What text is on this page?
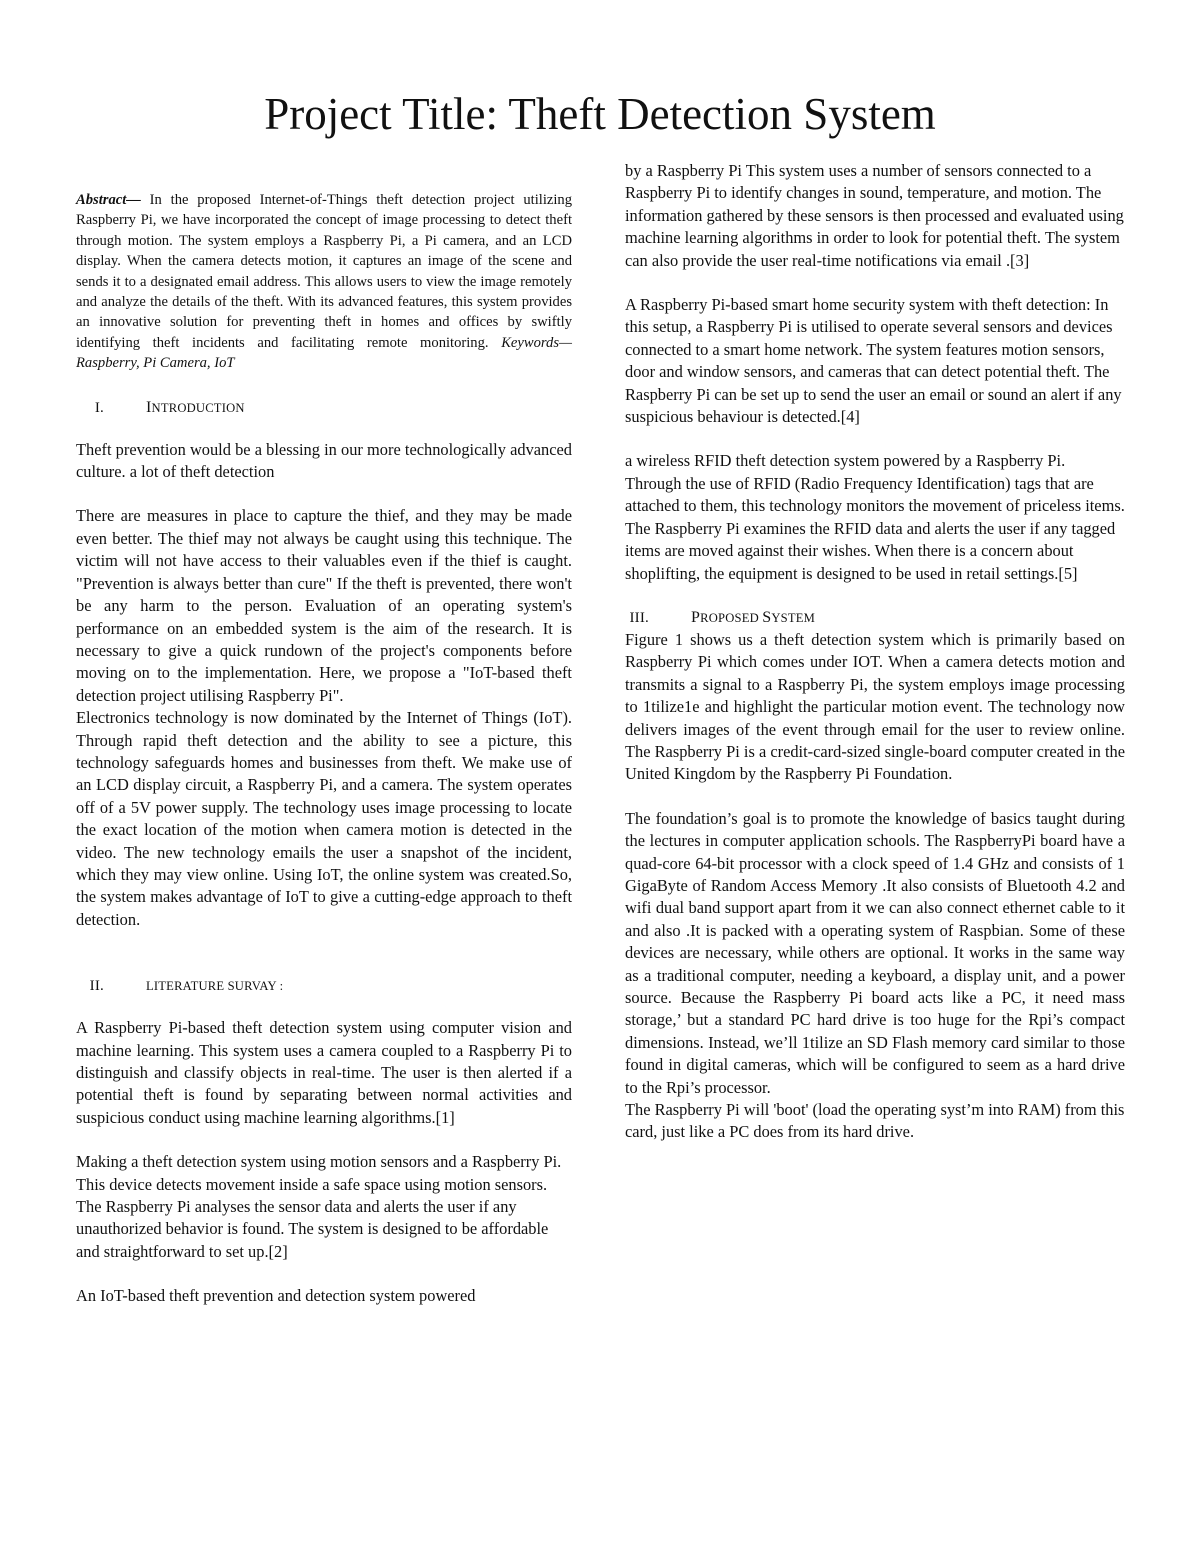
Project Title: Theft Detection System

Abstract— In the proposed Internet-of-Things theft detection project utilizing Raspberry Pi, we have incorporated the concept of image processing to detect theft through motion. The system employs a Raspberry Pi, a Pi camera, and an LCD display. When the camera detects motion, it captures an image of the scene and sends it to a designated email address. This allows users to view the image remotely and analyze the details of the theft. With its advanced features, this system provides an innovative solution for preventing theft in homes and offices by swiftly identifying theft incidents and facilitating remote monitoring. Keywords— Raspberry, Pi Camera, IoT

I.	INTRODUCTION

Theft prevention would be a blessing in our more technologically advanced culture. a lot of theft detection

There are measures in place to capture the thief, and they may be made even better. The thief may not always be caught using this technique. The victim will not have access to their valuables even if the thief is caught. "Prevention is always better than cure" If the theft is prevented, there won't be any harm to the person. Evaluation of an operating system's performance on an embedded system is the aim of the research. It is necessary to give a quick rundown of the project's components before moving on to the implementation. Here, we propose a "IoT-based theft detection project utilising Raspberry Pi".

Electronics technology is now dominated by the Internet of Things (IoT). Through rapid theft detection and the ability to see a picture, this technology safeguards homes and businesses from theft. We make use of an LCD display circuit, a Raspberry Pi, and a camera. The system operates off of a 5V power supply. The technology uses image processing to locate the exact location of the motion when camera motion is detected in the video. The new technology emails the user a snapshot of the incident, which they may view online. Using IoT, the online system was created.So, the system makes advantage of IoT to give a cutting-edge approach to theft detection.

II.	LITERATURE SURVAY :

A Raspberry Pi-based theft detection system using computer vision and machine learning. This system uses a camera coupled to a Raspberry Pi to distinguish and classify objects in real-time. The user is then alerted if a potential theft is found by separating between normal activities and suspicious conduct using machine learning algorithms.[1]

Making a theft detection system using motion sensors and a Raspberry Pi. This device detects movement inside a safe space using motion sensors. The Raspberry Pi analyses the sensor data and alerts the user if any unauthorized behavior is found. The system is designed to be affordable and straightforward to set up.[2]

An IoT-based theft prevention and detection system powered

by a Raspberry Pi This system uses a number of sensors connected to a Raspberry Pi to identify changes in sound, temperature, and motion. The information gathered by these sensors is then processed and evaluated using machine learning algorithms in order to look for potential theft. The system can also provide the user real-time notifications via email .[3]

A Raspberry Pi-based smart home security system with theft detection: In this setup, a Raspberry Pi is utilised to operate several sensors and devices connected to a smart home network. The system features motion sensors, door and window sensors, and cameras that can detect potential theft. The Raspberry Pi can be set up to send the user an email or sound an alert if any suspicious behaviour is detected.[4]

a wireless RFID theft detection system powered by a Raspberry Pi. Through the use of RFID (Radio Frequency Identification) tags that are attached to them, this technology monitors the movement of priceless items. The Raspberry Pi examines the RFID data and alerts the user if any tagged items are moved against their wishes. When there is a concern about shoplifting, the equipment is designed to be used in retail settings.[5]

III.	PROPOSED SYSTEM

Figure 1 shows us a theft detection system which is primarily based on Raspberry Pi which comes under IOT. When a camera detects motion and transmits a signal to a Raspberry Pi, the system employs image processing to 1tilize1e and highlight the particular motion event. The technology now delivers images of the event through email for the user to review online. The Raspberry Pi is a credit-card-sized single-board computer created in the United Kingdom by the Raspberry Pi Foundation.

The foundation’s goal is to promote the knowledge of basics taught during the lectures in computer application schools. The RaspberryPi board have a quad-core 64-bit processor with a clock speed of 1.4 GHz and consists of 1 GigaByte of Random Access Memory .It also consists of Bluetooth 4.2 and wifi dual band support apart from it we can also connect ethernet cable to it and also .It is packed with a operating system of Raspbian. Some of these devices are necessary, while others are optional. It works in the same way as a traditional computer, needing a keyboard, a display unit, and a power source. Because the Raspberry Pi board acts like a PC, it need mass storage,’ but a standard PC hard drive is too huge for the Rpi’s compact dimensions. Instead, we’ll 1tilize an SD Flash memory card similar to those found in digital cameras, which will be configured to seem as a hard drive to the Rpi’s processor.

The Raspberry Pi will 'boot' (load the operating syst’m into RAM) from this card, just like a PC does from its hard drive.
